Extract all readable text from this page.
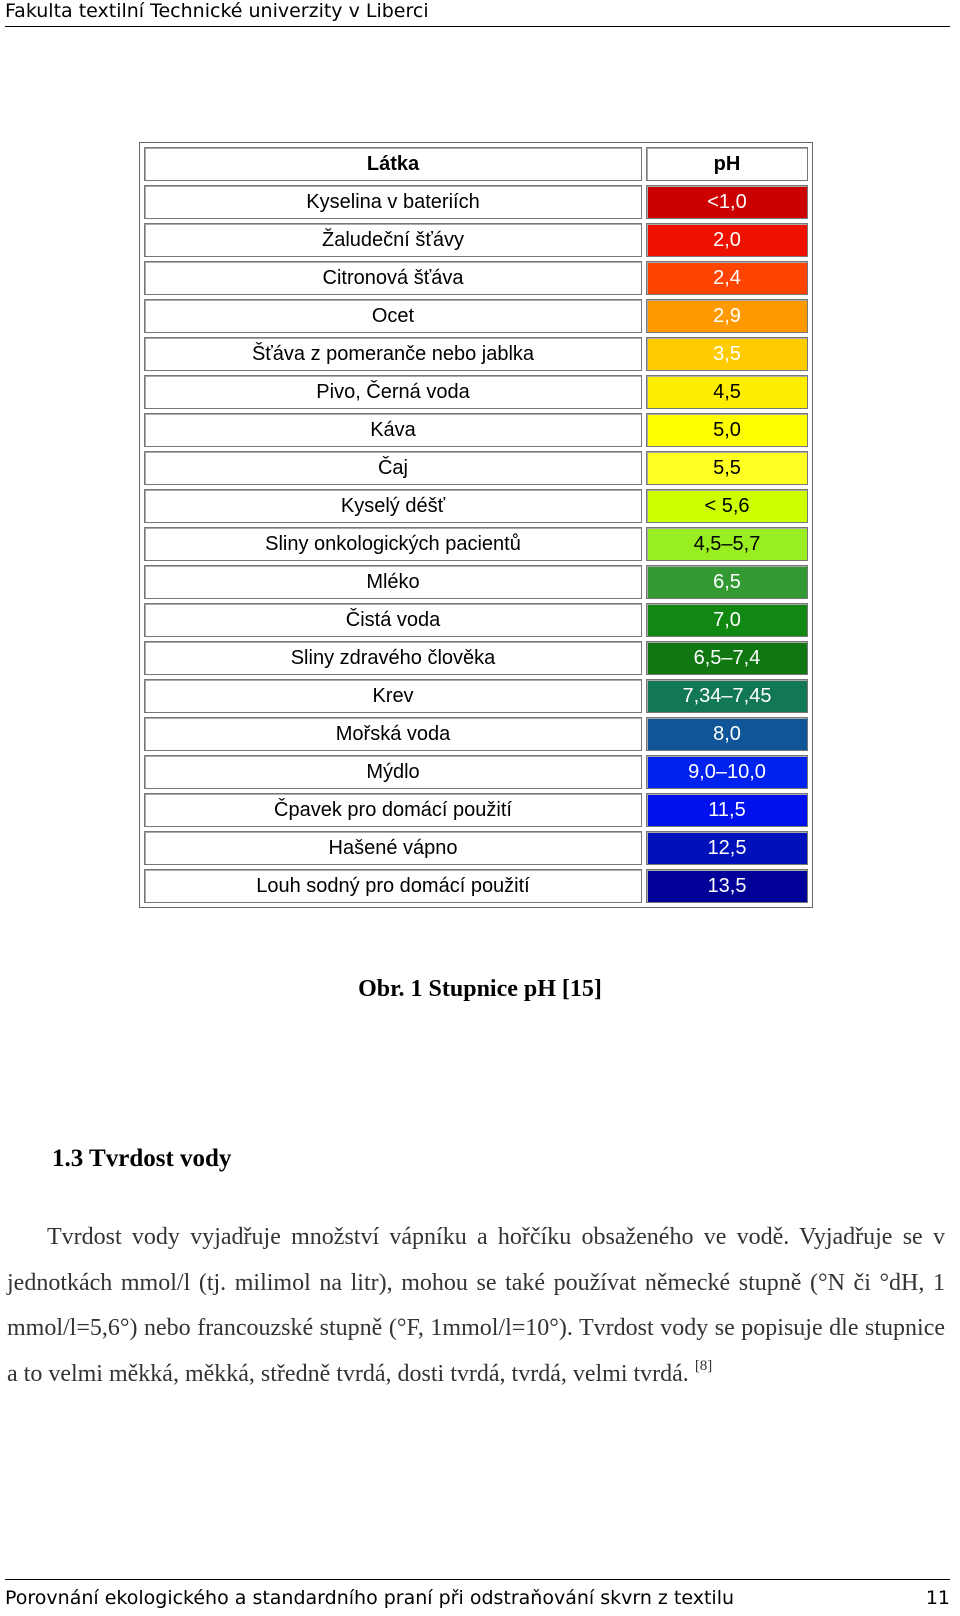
Fakulta textilní Technické univerzity v Liberci
Látka	pH
Kyselina v bateriích	<1,0
Žaludeční šťávy	2,0
Citronová šťáva	2,4
Ocet	2,9
Šťáva z pomeranče nebo jablka	3,5
Pivo, Černá voda	4,5
Káva	5,0
Čaj	5,5
Kyselý déšť	< 5,6
Sliny onkologických pacientů	4,5–5,7
Mléko	6,5
Čistá voda	7,0
Sliny zdravého člověka	6,5–7,4
Krev	7,34–7,45
Mořská voda	8,0
Mýdlo	9,0–10,0
Čpavek pro domácí použití	11,5
Hašené vápno	12,5
Louh sodný pro domácí použití	13,5
Obr. 1 Stupnice pH [15]
1.3 Tvrdost vody

Tvrdost vody vyjadřuje množství vápníku a hořčíku obsaženého ve vodě. Vyjadřuje se v jednotkách mmol/l (tj. milimol na litr), mohou se také používat německé stupně (°N či °dH, 1 mmol/l=5,6°) nebo francouzské stupně (°F, 1mmol/l=10°). Tvrdost vody se popisuje dle stupnice a to velmi měkká, měkká, středně tvrdá, dosti tvrdá, tvrdá, velmi tvrdá. [8]

Porovnání ekologického a standardního praní při odstraňování skvrn z textilu	11
